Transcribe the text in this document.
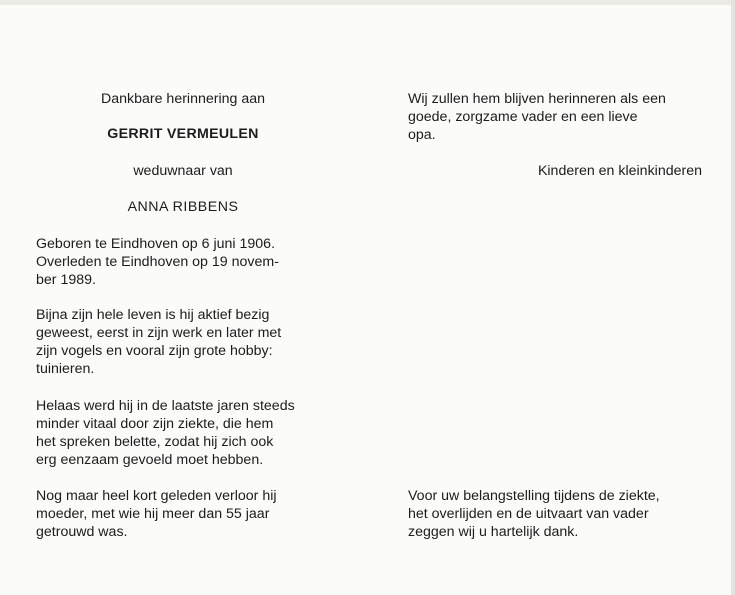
Dankbare herinnering aan
GERRIT VERMEULEN
weduwnaar van
ANNA RIBBENS

Geboren te Eindhoven op 6 juni 1906.

Overleden te Eindhoven op 19 novem-

ber 1989.

Bijna zijn hele leven is hij aktief bezig

geweest, eerst in zijn werk en later met

zijn vogels en vooral zijn grote hobby:

tuinieren.

Helaas werd hij in de laatste jaren steeds

minder vitaal door zijn ziekte, die hem

het spreken belette, zodat hij zich ook

erg eenzaam gevoeld moet hebben.

Nog maar heel kort geleden verloor hij

moeder, met wie hij meer dan 55 jaar

getrouwd was.

Wij zullen hem blijven herinneren als een

goede, zorgzame vader en een lieve

opa.

Kinderen en kleinkinderen

Voor uw belangstelling tijdens de ziekte,

het overlijden en de uitvaart van vader

zeggen wij u hartelijk dank.
